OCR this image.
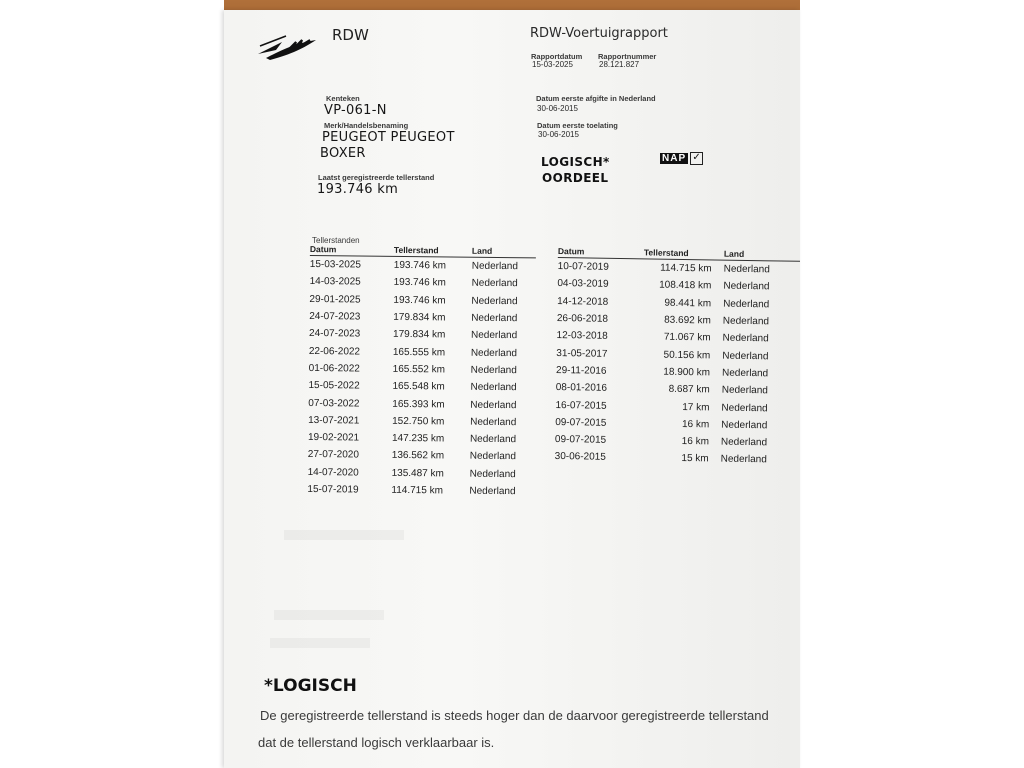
RDW	RDW-Voertuigrapport
Rapportdatum Rapportnummer
15-03-2025	28.121.827
Kenteken
VP-061-N
Merk/Handelsbenaming
PEUGEOT PEUGEOT
BOXER
Laatst geregistreerde tellerstand
193.746 km
Datum eerste afgifte in Nederland
30-06-2015
Datum eerste toelating
30-06-2015
LOGISCH*
OORDEEL
NAP ✓
Tellerstanden
Datum	Tellerstand	Land
15-03-2025	193.746 km	Nederland
14-03-2025	193.746 km	Nederland
29-01-2025	193.746 km	Nederland
24-07-2023	179.834 km	Nederland
24-07-2023	179.834 km	Nederland
22-06-2022	165.555 km	Nederland
01-06-2022	165.552 km	Nederland
15-05-2022	165.548 km	Nederland
07-03-2022	165.393 km	Nederland
13-07-2021	152.750 km	Nederland
19-02-2021	147.235 km	Nederland
27-07-2020	136.562 km	Nederland
14-07-2020	135.487 km	Nederland
15-07-2019	114.715 km	Nederland
Datum	Tellerstand	Land
10-07-2019	114.715 km	Nederland
04-03-2019	108.418 km	Nederland
14-12-2018	98.441 km	Nederland
26-06-2018	83.692 km	Nederland
12-03-2018	71.067 km	Nederland
31-05-2017	50.156 km	Nederland
29-11-2016	18.900 km	Nederland
08-01-2016	8.687 km	Nederland
16-07-2015	17 km	Nederland
09-07-2015	16 km	Nederland
09-07-2015	16 km	Nederland
30-06-2015	15 km	Nederland
*LOGISCH
De geregistreerde tellerstand is steeds hoger dan de daarvoor geregistreerde tellerstand
dat de tellerstand logisch verklaarbaar is.
